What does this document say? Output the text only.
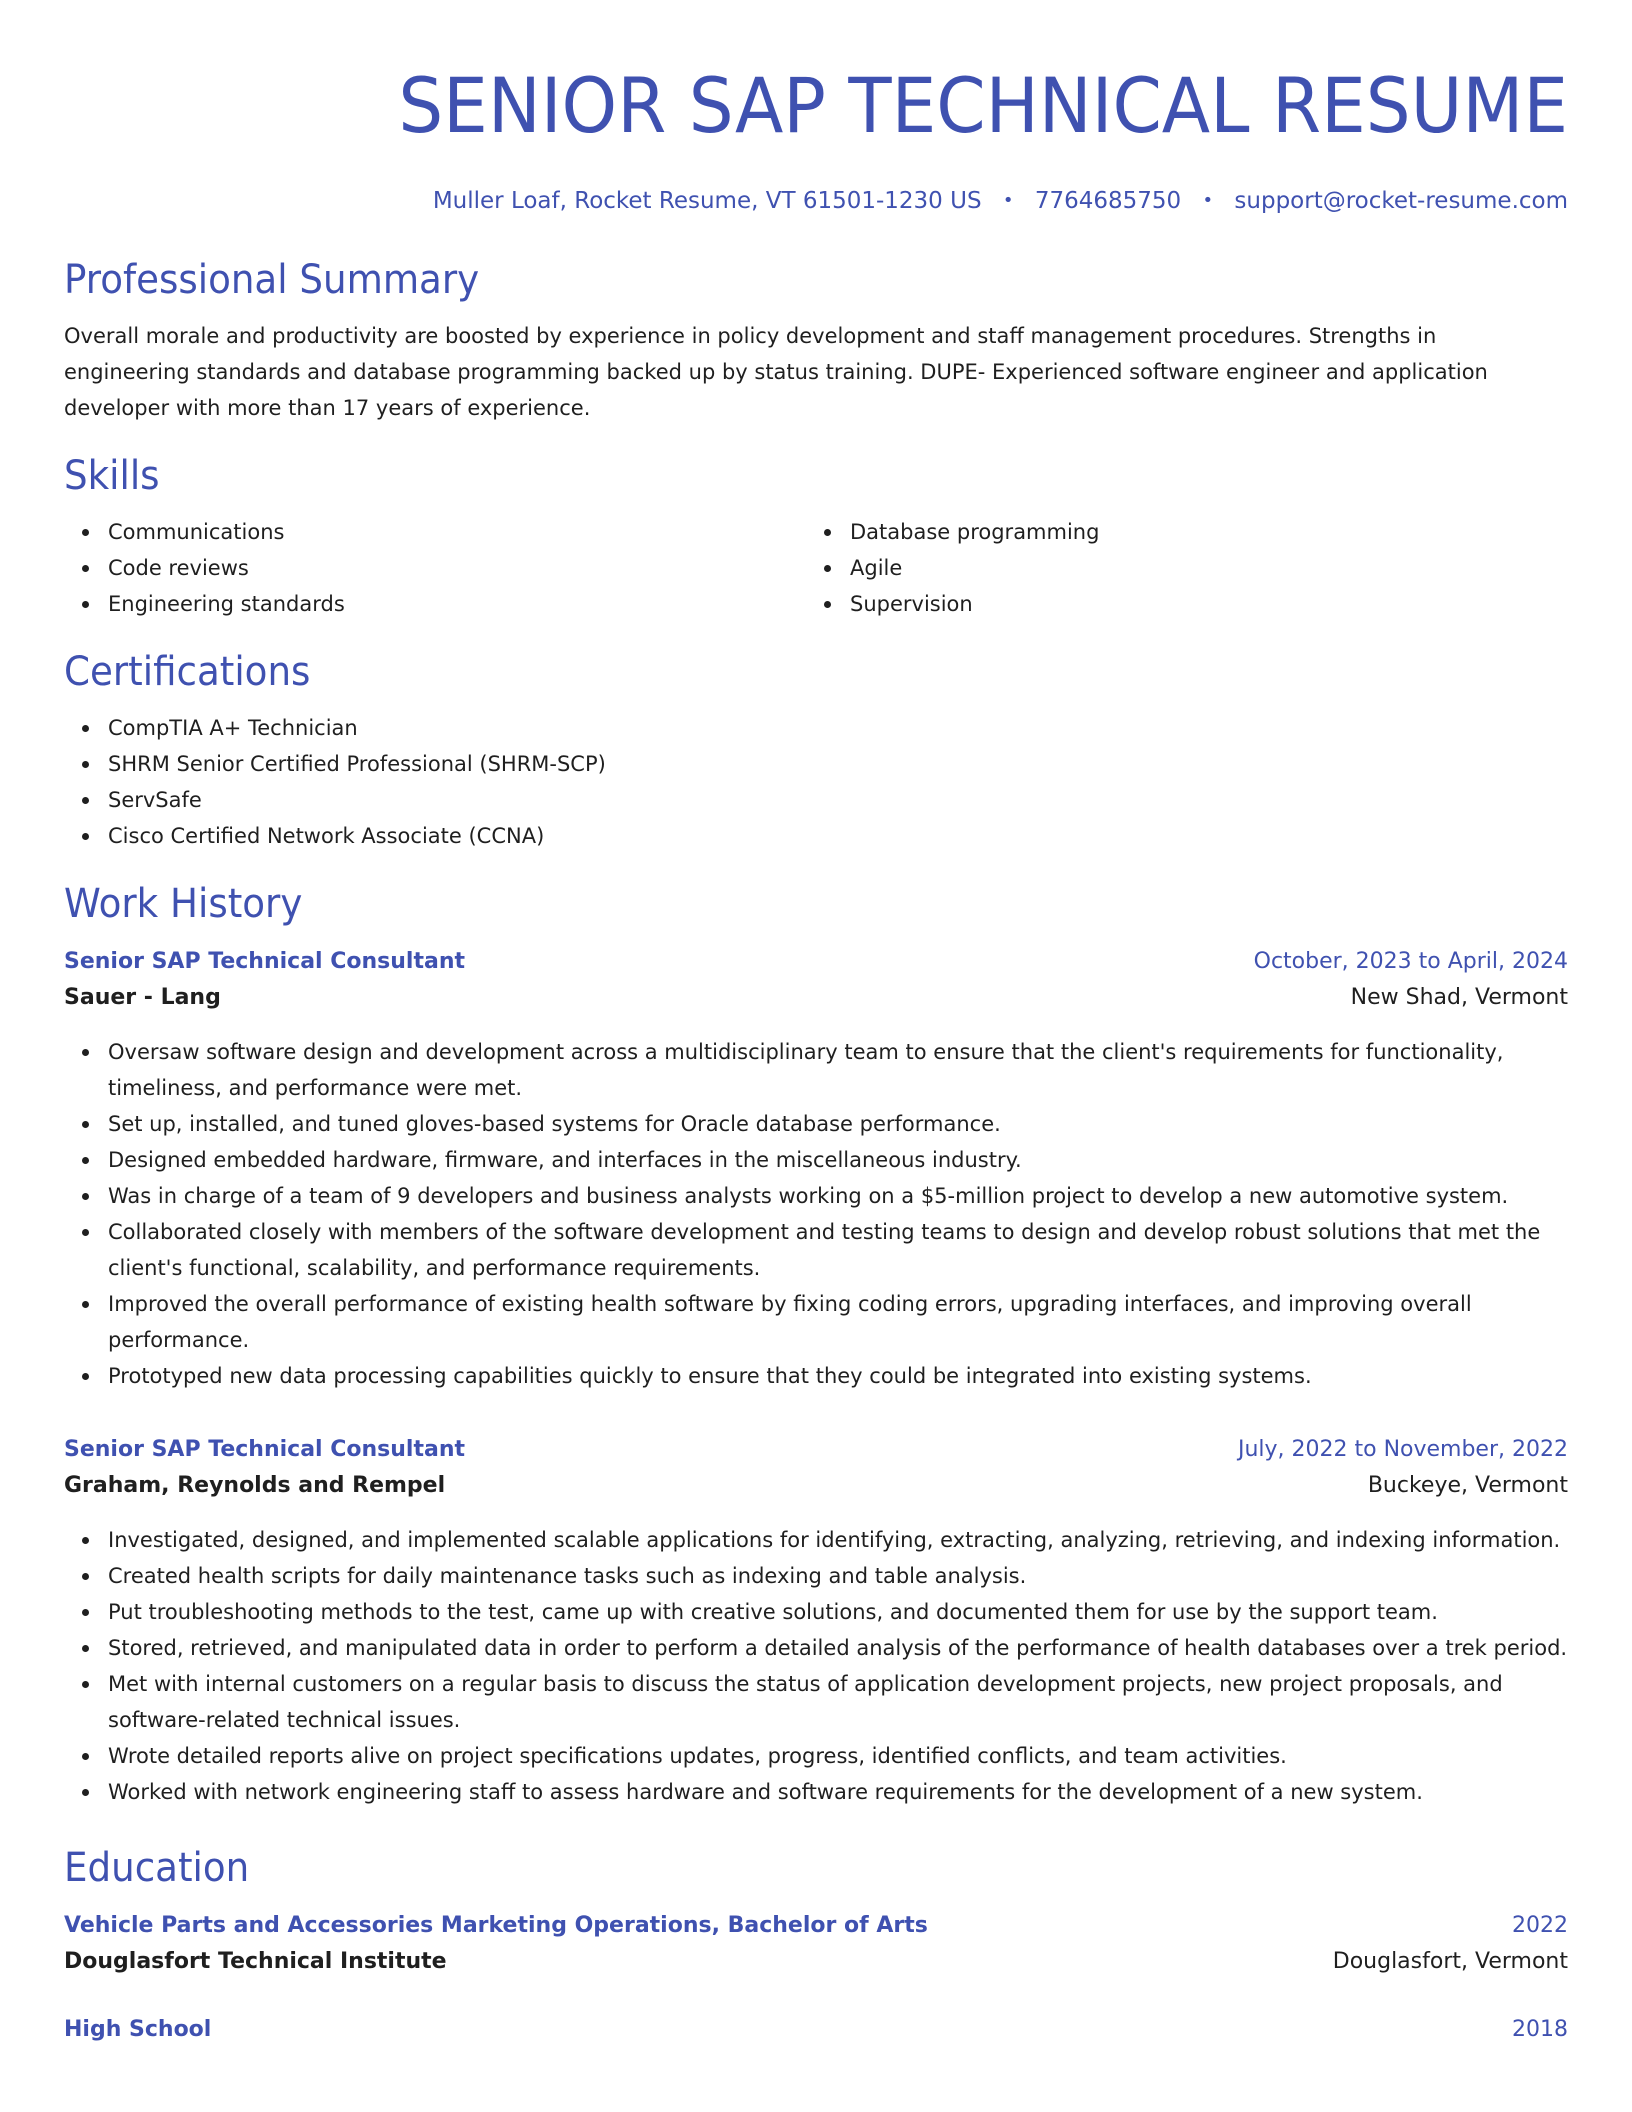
SENIOR SAP TECHNICAL RESUME
Muller Loaf, Rocket Resume, VT 61501-1230 US • 7764685750 • support@rocket-resume.com
Professional Summary

Overall morale and productivity are boosted by experience in policy development and staff management procedures. Strengths in engineering standards and database programming backed up by status training. DUPE- Experienced software engineer and application developer with more than 17 years of experience.

Skills
Communications
Code reviews
Engineering standards
Database programming
Agile
Supervision
Certifications
CompTIA A+ Technician
SHRM Senior Certified Professional (SHRM-SCP)
ServSafe
Cisco Certified Network Associate (CCNA)
Work History
Senior SAP Technical Consultant	October, 2023 to April, 2024
Sauer - Lang	New Shad, Vermont
Oversaw software design and development across a multidisciplinary team to ensure that the client's requirements for functionality, timeliness, and performance were met.
Set up, installed, and tuned gloves-based systems for Oracle database performance.
Designed embedded hardware, firmware, and interfaces in the miscellaneous industry.
Was in charge of a team of 9 developers and business analysts working on a $5-million project to develop a new automotive system.
Collaborated closely with members of the software development and testing teams to design and develop robust solutions that met the client's functional, scalability, and performance requirements.
Improved the overall performance of existing health software by fixing coding errors, upgrading interfaces, and improving overall performance.
Prototyped new data processing capabilities quickly to ensure that they could be integrated into existing systems.
Senior SAP Technical Consultant	July, 2022 to November, 2022
Graham, Reynolds and Rempel	Buckeye, Vermont
Investigated, designed, and implemented scalable applications for identifying, extracting, analyzing, retrieving, and indexing information.
Created health scripts for daily maintenance tasks such as indexing and table analysis.
Put troubleshooting methods to the test, came up with creative solutions, and documented them for use by the support team.
Stored, retrieved, and manipulated data in order to perform a detailed analysis of the performance of health databases over a trek period.
Met with internal customers on a regular basis to discuss the status of application development projects, new project proposals, and software-related technical issues.
Wrote detailed reports alive on project specifications updates, progress, identified conflicts, and team activities.
Worked with network engineering staff to assess hardware and software requirements for the development of a new system.
Education
Vehicle Parts and Accessories Marketing Operations, Bachelor of Arts	2022
Douglasfort Technical Institute	Douglasfort, Vermont
High School	2018
